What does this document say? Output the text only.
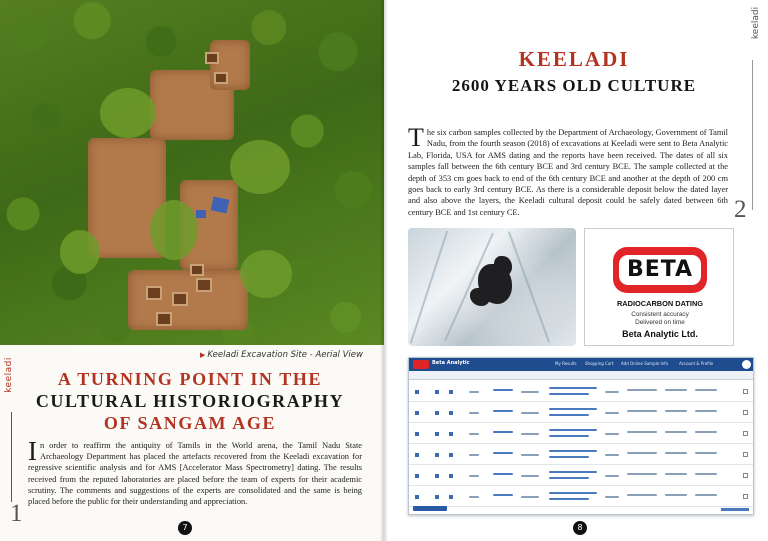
▶ Keeladi Excavation Site - Aerial View
keeladi	A TURNING POINT IN THE
CULTURAL HISTORIOGRAPHY
OF SANGAM AGE
In order to reaffirm the antiquity of Tamils in the World arena, the Tamil Nadu State Archaeology Department has placed the artefacts recovered from the Keeladi excavation for regressive scientific analysis and for AMS [Accelerator Mass Spectrometry] dating. The results received from the reputed laboratories are placed before the team of experts for their academic scrutiny. The comments and suggestions of the experts are consolidated and the same is being placed before the public for their understanding and appreciation.
1
7
keeladi
KEELADI
2600 YEARS OLD CULTURE
The six carbon samples collected by the Department of Archaeology, Government of Tamil Nadu, from the fourth season (2018) of excavations at Keeladi were sent to Beta Analytic Lab, Florida, USA for AMS dating and the reports have been received. The dates of all six samples fall between the 6th century BCE and 3rd century BCE. The sample collected at the depth of 353 cm goes back to end of the 6th century BCE and another at the depth of 200 cm goes back to early 3rd century BCE. As there is a considerable deposit below the dated layer and also above the layers, the Keeladi cultural deposit could be safely dated between 6th century BCE and 1st century CE.	2
BETA
RADIOCARBON DATING
Consistent accuracy
Delivered on time
Beta Analytic Ltd.
Beta Analytic	My Results Shopping Cart Add Online Sample Info	Account & Profile
8
